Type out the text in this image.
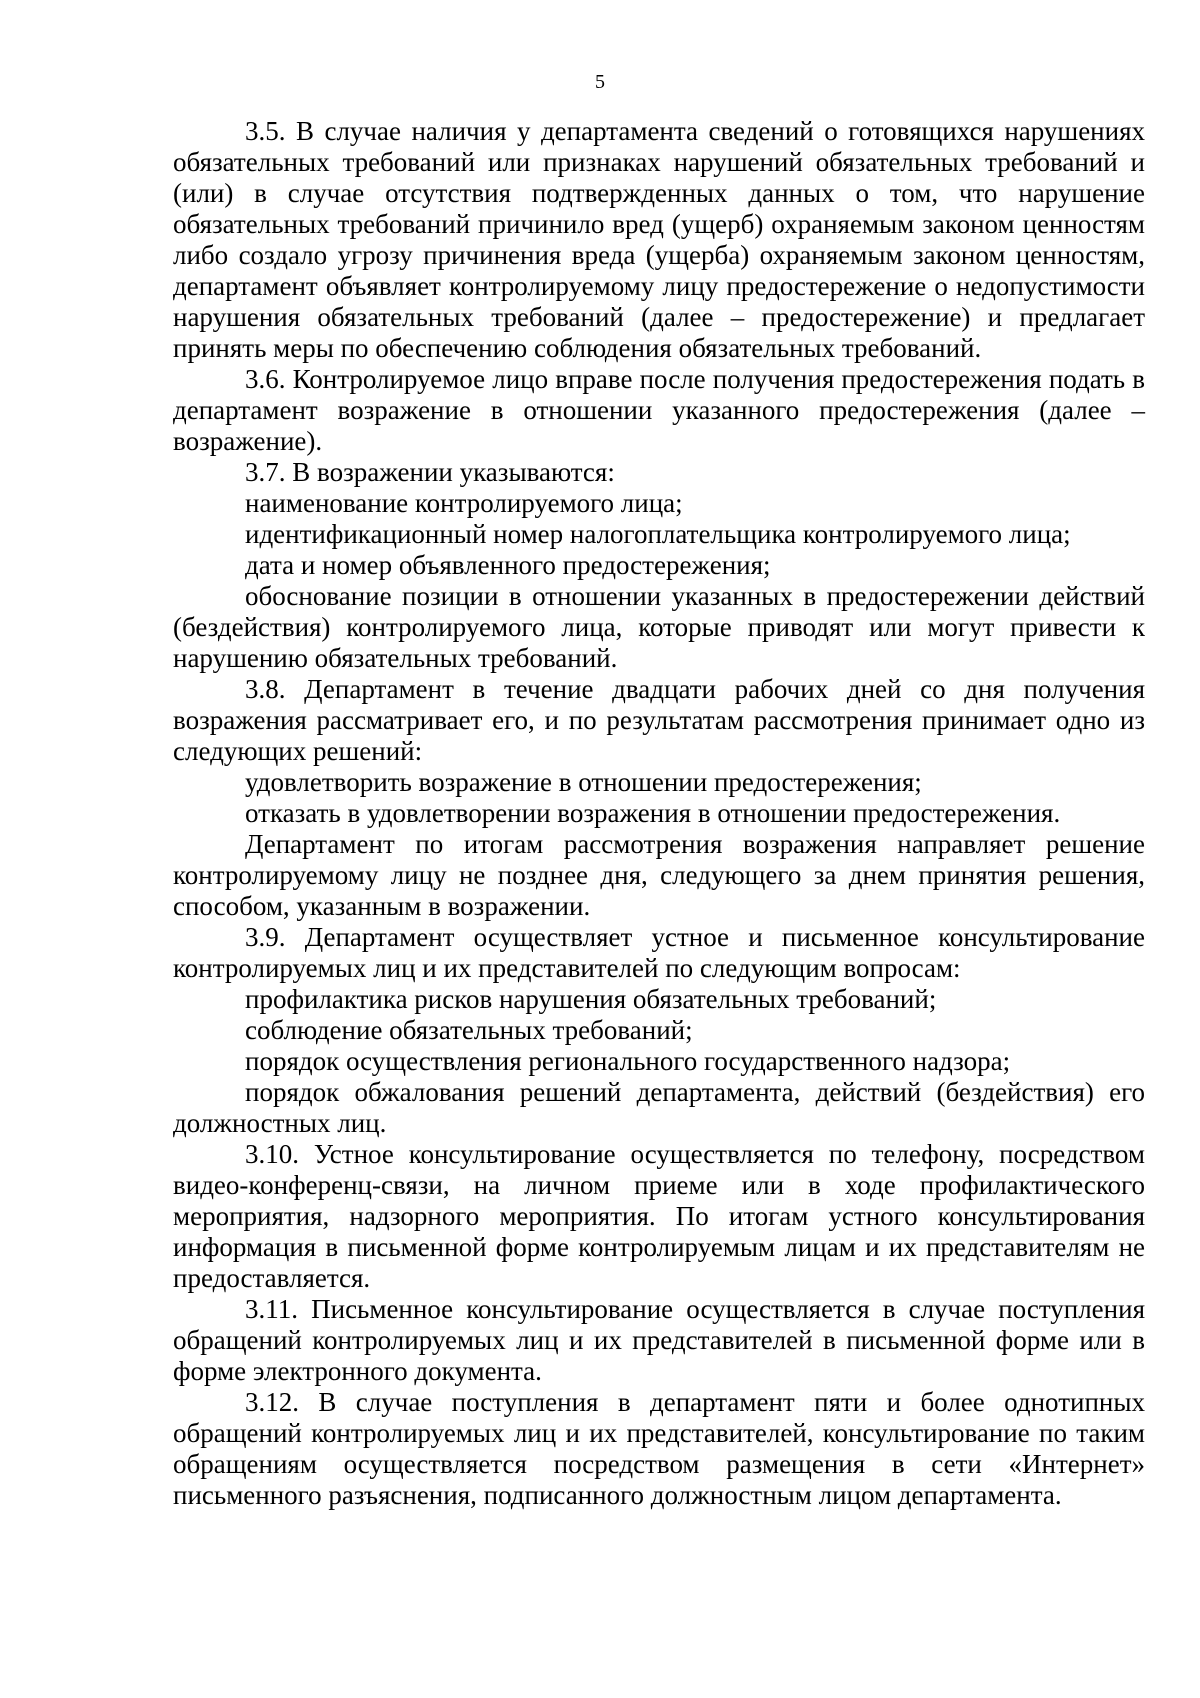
5

3.5. В случае наличия у департамента сведений о готовящихся нарушениях обязательных требований или признаках нарушений обязательных требований и (или) в случае отсутствия подтвержденных данных о том, что нарушение обязательных требований причинило вред (ущерб) охраняемым законом ценностям либо создало угрозу причинения вреда (ущерба) охраняемым законом ценностям, департамент объявляет контролируемому лицу предостережение о недопустимости нарушения обязательных требований (далее – предостережение) и предлагает принять меры по обеспечению соблюдения обязательных требований.

3.6. Контролируемое лицо вправе после получения предостережения подать в департамент возражение в отношении указанного предостережения (далее – возражение).

3.7. В возражении указываются:

наименование контролируемого лица;

идентификационный номер налогоплательщика контролируемого лица;

дата и номер объявленного предостережения;

обоснование позиции в отношении указанных в предостережении действий (бездействия) контролируемого лица, которые приводят или могут привести к нарушению обязательных требований.

3.8. Департамент в течение двадцати рабочих дней со дня получения возражения рассматривает его, и по результатам рассмотрения принимает одно из следующих решений:

удовлетворить возражение в отношении предостережения;

отказать в удовлетворении возражения в отношении предостережения.

Департамент по итогам рассмотрения возражения направляет решение контролируемому лицу не позднее дня, следующего за днем принятия решения, способом, указанным в возражении.

3.9. Департамент осуществляет устное и письменное консультирование контролируемых лиц и их представителей по следующим вопросам:

профилактика рисков нарушения обязательных требований;

соблюдение обязательных требований;

порядок осуществления регионального государственного надзора;

порядок обжалования решений департамента, действий (бездействия) его должностных лиц.

3.10. Устное консультирование осуществляется по телефону, посредством видео-конференц-связи, на личном приеме или в ходе профилактического мероприятия, надзорного мероприятия. По итогам устного консультирования информация в письменной форме контролируемым лицам и их представителям не предоставляется.

3.11. Письменное консультирование осуществляется в случае поступления обращений контролируемых лиц и их представителей в письменной форме или в форме электронного документа.

3.12. В случае поступления в департамент пяти и более однотипных обращений контролируемых лиц и их представителей, консультирование по таким обращениям осуществляется посредством размещения в сети «Интернет» письменного разъяснения, подписанного должностным лицом департамента.
